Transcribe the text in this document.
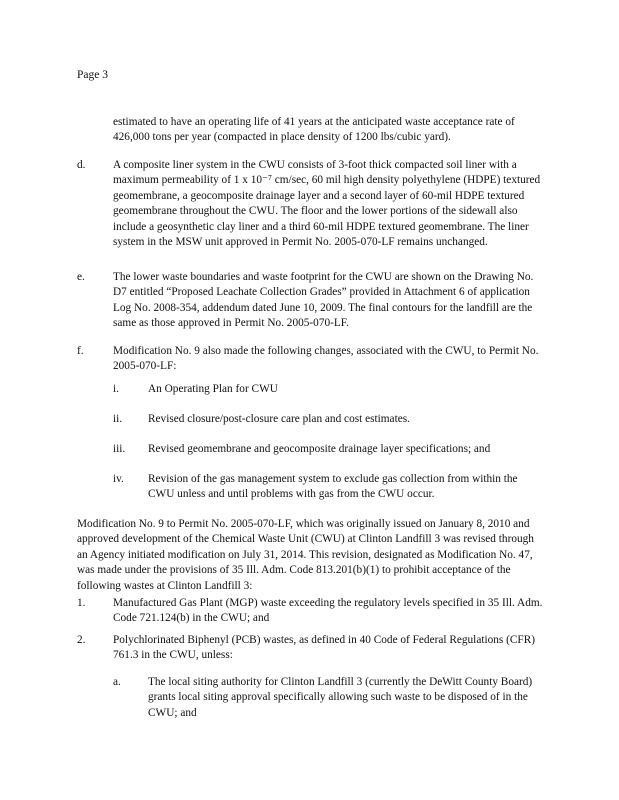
Page 3

estimated to have an operating life of 41 years at the anticipated waste acceptance rate of 426,000 tons per year (compacted in place density of 1200 lbs/cubic yard).

d. A composite liner system in the CWU consists of 3-foot thick compacted soil liner with a maximum permeability of 1 x 10⁻⁷ cm/sec, 60 mil high density polyethylene (HDPE) textured geomembrane, a geocomposite drainage layer and a second layer of 60-mil HDPE textured geomembrane throughout the CWU. The floor and the lower portions of the sidewall also include a geosynthetic clay liner and a third 60-mil HDPE textured geomembrane. The liner system in the MSW unit approved in Permit No. 2005-070-LF remains unchanged.

e. The lower waste boundaries and waste footprint for the CWU are shown on the Drawing No. D7 entitled “Proposed Leachate Collection Grades” provided in Attachment 6 of application Log No. 2008-354, addendum dated June 10, 2009. The final contours for the landfill are the same as those approved in Permit No. 2005-070-LF.

f.	Modification No. 9 also made the following changes, associated with the CWU, to Permit No. 2005-070-LF:

i.	An Operating Plan for CWU

ii. Revised closure/post-closure care plan and cost estimates.

iii. Revised geomembrane and geocomposite drainage layer specifications; and

iv. Revision of the gas management system to exclude gas collection from within the CWU unless and until problems with gas from the CWU occur.

Modification No. 9 to Permit No. 2005-070-LF, which was originally issued on January 8, 2010 and approved development of the Chemical Waste Unit (CWU) at Clinton Landfill 3 was revised through an Agency initiated modification on July 31, 2014. This revision, designated as Modification No. 47, was made under the provisions of 35 Ill. Adm. Code 813.201(b)(1) to prohibit acceptance of the following wastes at Clinton Landfill 3:

1. Manufactured Gas Plant (MGP) waste exceeding the regulatory levels specified in 35 Ill. Adm. Code 721.124(b) in the CWU; and

2. Polychlorinated Biphenyl (PCB) wastes, as defined in 40 Code of Federal Regulations (CFR) 761.3 in the CWU, unless:

a. The local siting authority for Clinton Landfill 3 (currently the DeWitt County Board) grants local siting approval specifically allowing such waste to be disposed of in the CWU; and
